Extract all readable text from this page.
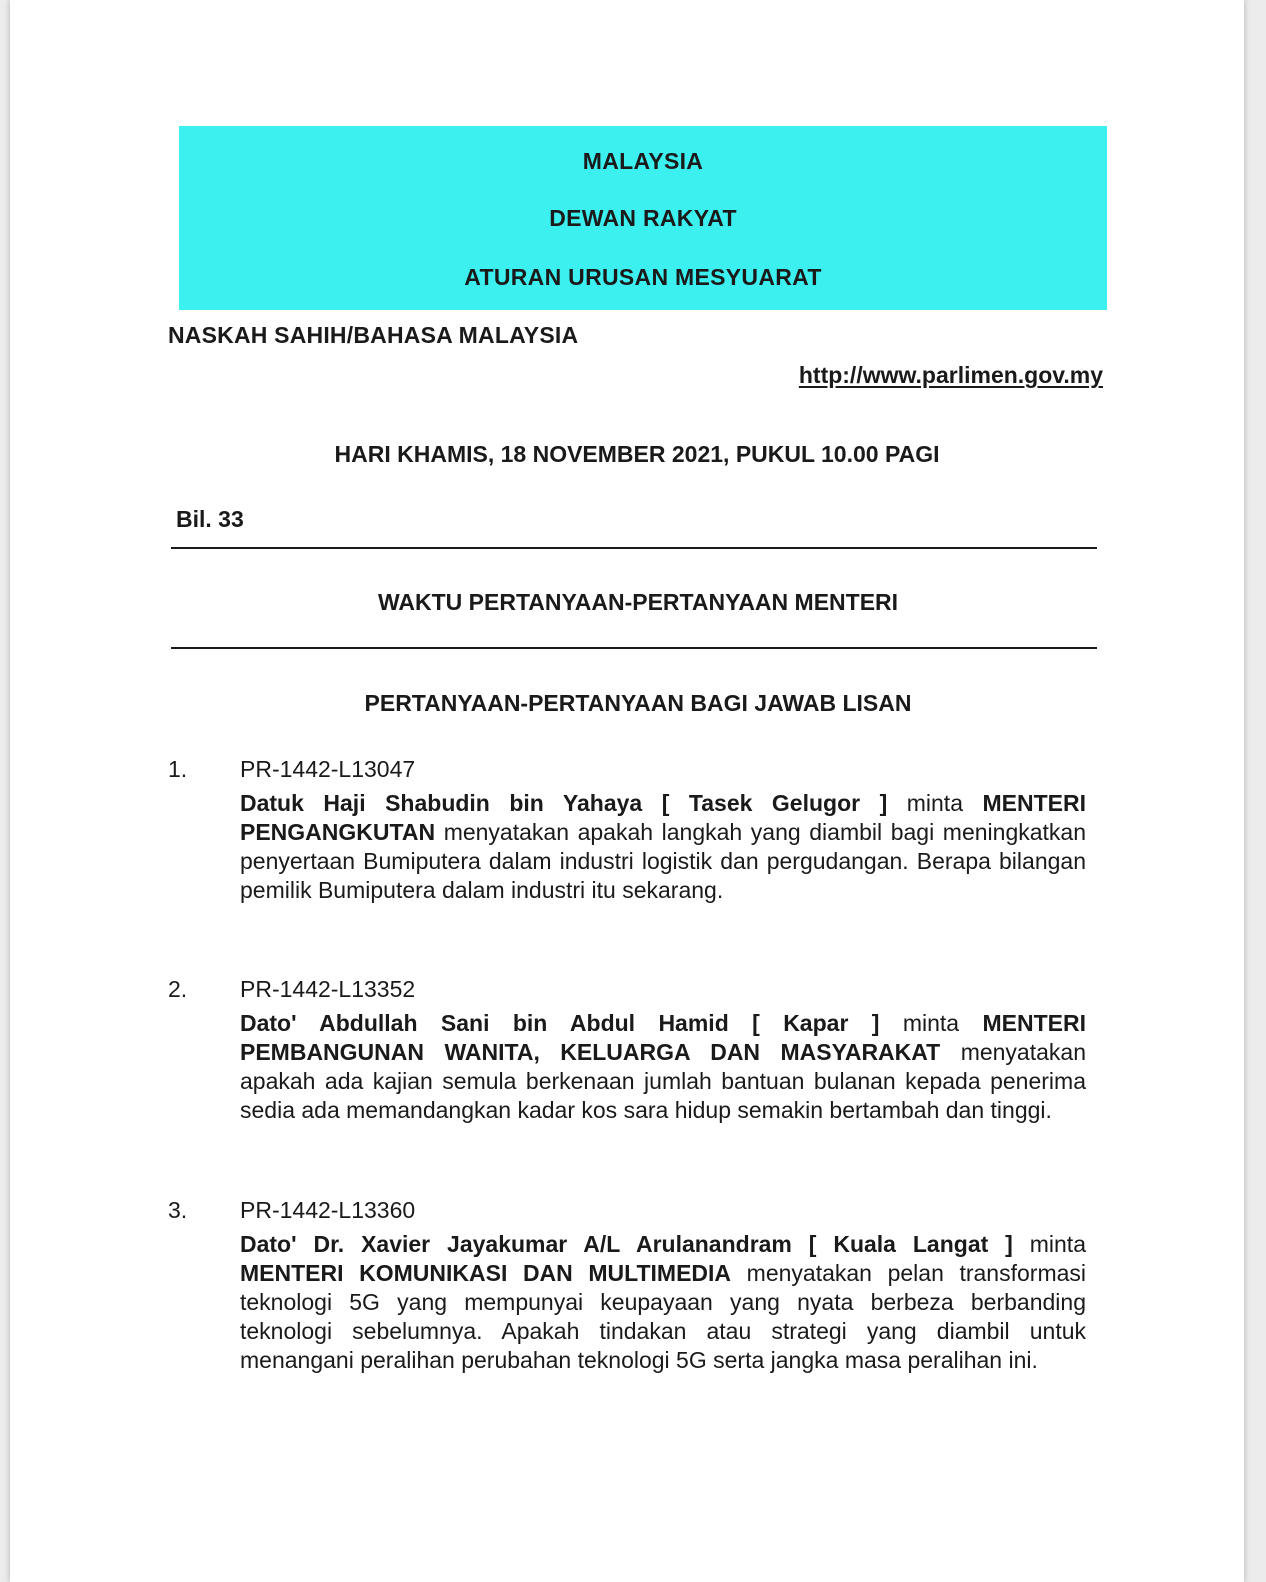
MALAYSIA
DEWAN RAKYAT
ATURAN URUSAN MESYUARAT
NASKAH SAHIH/BAHASA MALAYSIA
http://www.parlimen.gov.my
HARI KHAMIS, 18 NOVEMBER 2021, PUKUL 10.00 PAGI
Bil. 33
WAKTU PERTANYAAN-PERTANYAAN MENTERI
PERTANYAAN-PERTANYAAN BAGI JAWAB LISAN
1. PR-1442-L13047
Datuk Haji Shabudin bin Yahaya [ Tasek Gelugor ] minta MENTERI PENGANGKUTAN menyatakan apakah langkah yang diambil bagi meningkatkan penyertaan Bumiputera dalam industri logistik dan pergudangan. Berapa bilangan pemilik Bumiputera dalam industri itu sekarang.
2. PR-1442-L13352
Dato' Abdullah Sani bin Abdul Hamid [ Kapar ] minta MENTERI PEMBANGUNAN WANITA, KELUARGA DAN MASYARAKAT menyatakan apakah ada kajian semula berkenaan jumlah bantuan bulanan kepada penerima sedia ada memandangkan kadar kos sara hidup semakin bertambah dan tinggi.
3. PR-1442-L13360
Dato' Dr. Xavier Jayakumar A/L Arulanandram [ Kuala Langat ] minta MENTERI KOMUNIKASI DAN MULTIMEDIA menyatakan pelan transformasi teknologi 5G yang mempunyai keupayaan yang nyata berbeza berbanding teknologi sebelumnya. Apakah tindakan atau strategi yang diambil untuk menangani peralihan perubahan teknologi 5G serta jangka masa peralihan ini.
